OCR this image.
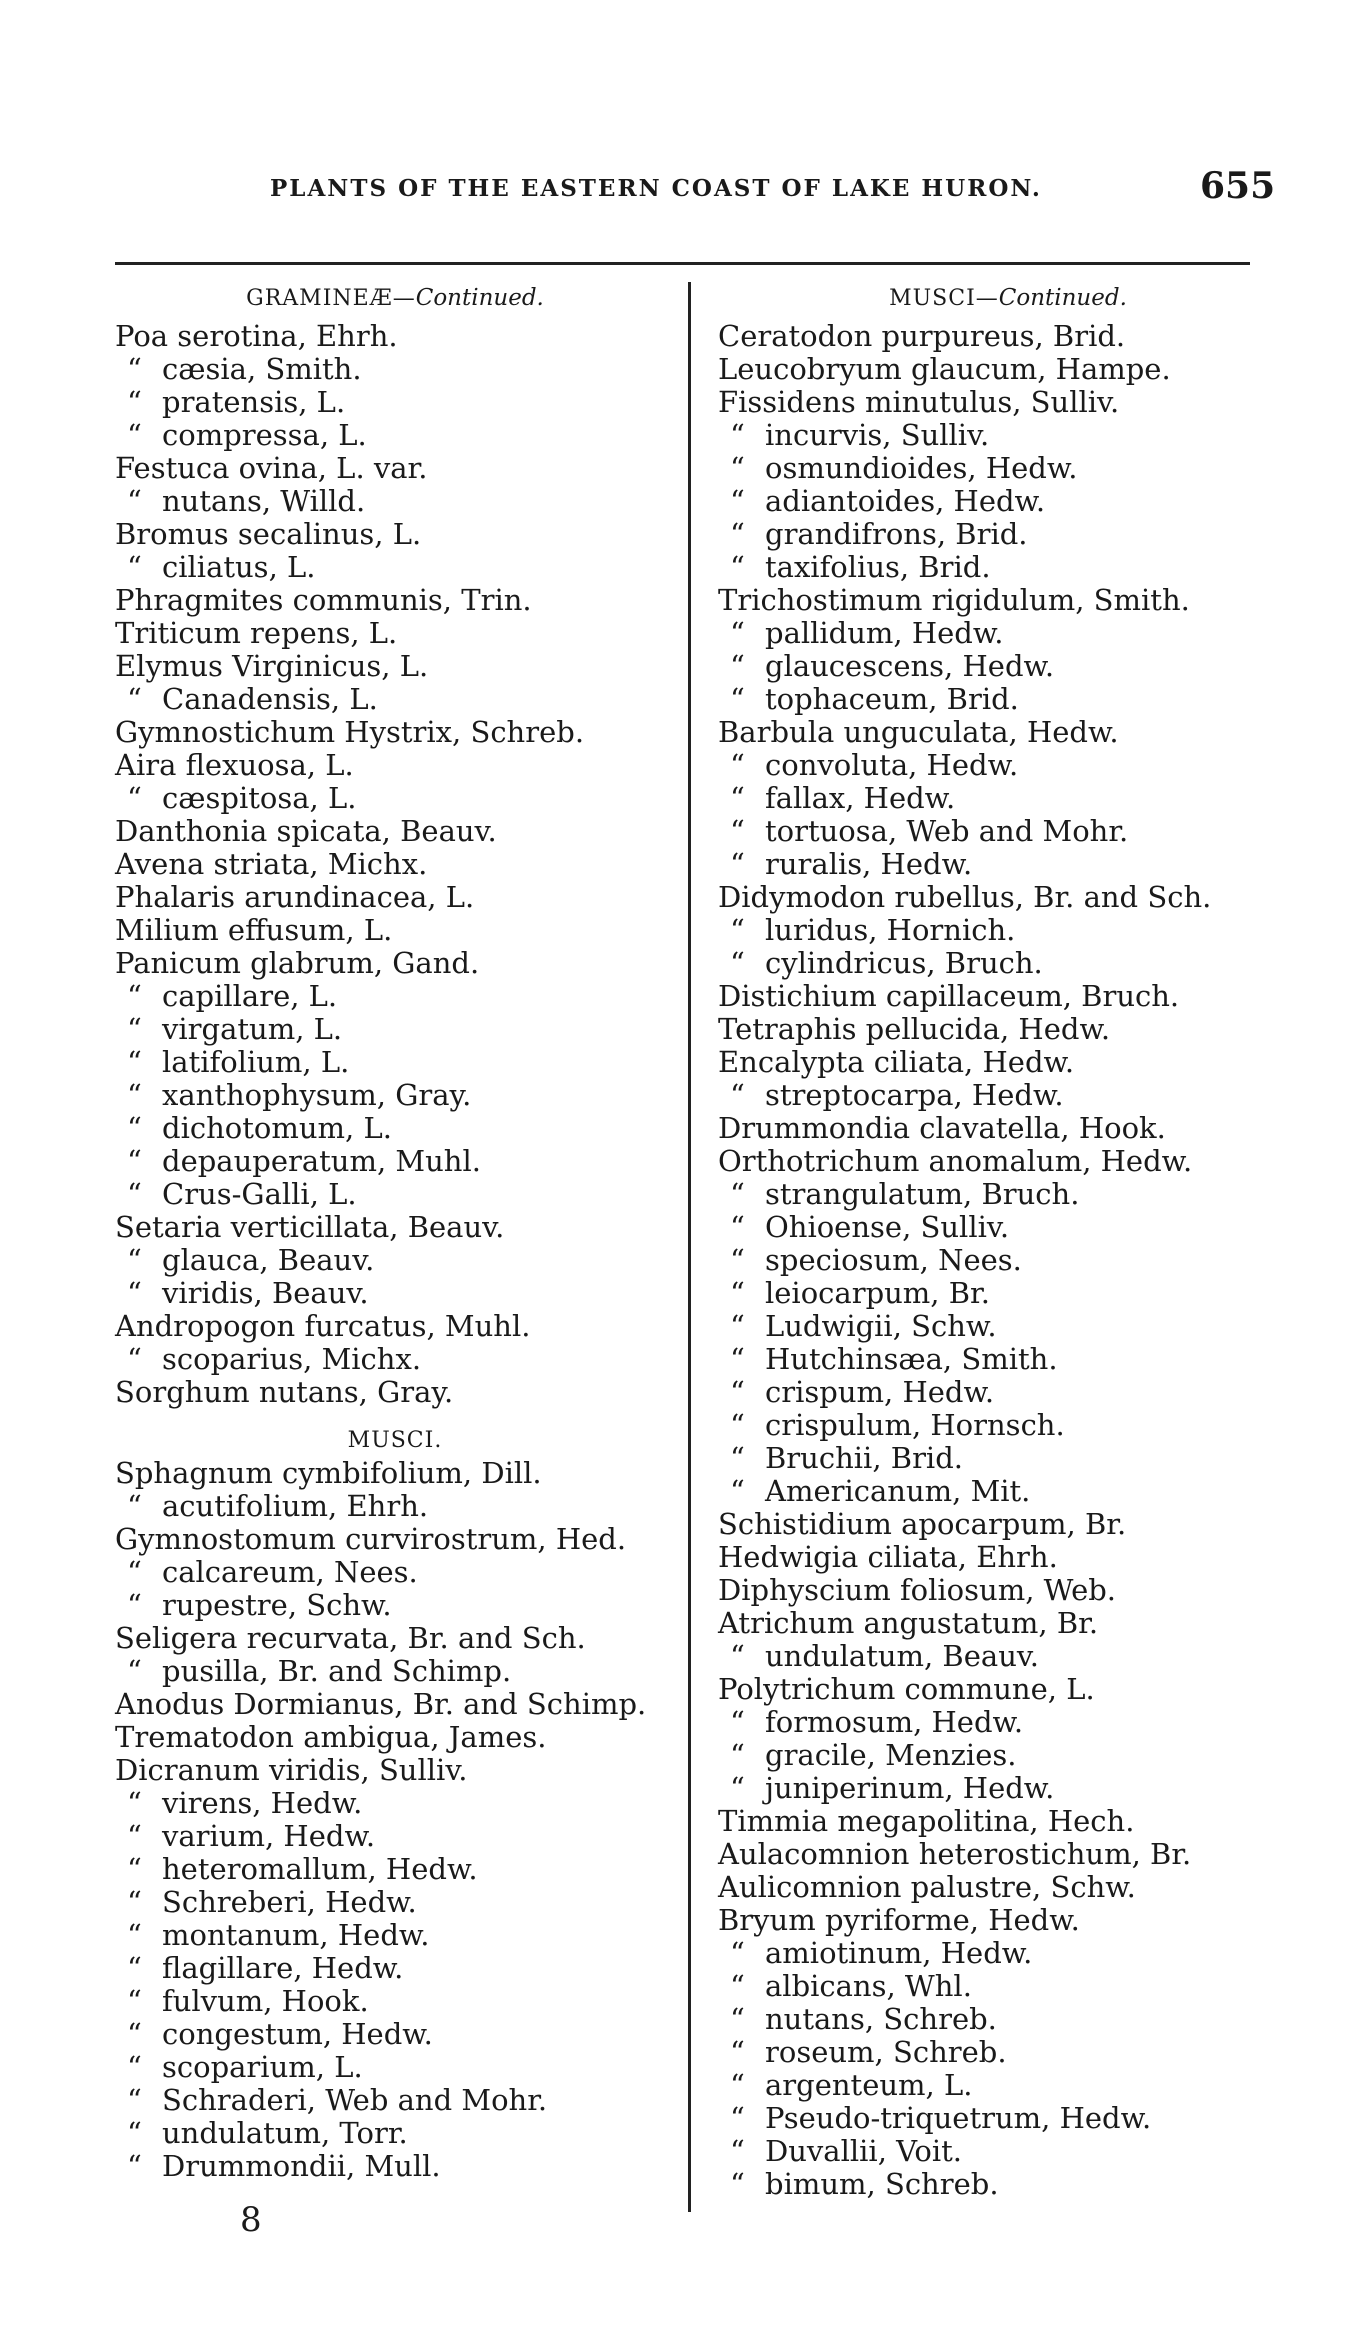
PLANTS OF THE EASTERN COAST OF LAKE HURON.	655
GRAMINEÆ—Continued.
Poa serotina, Ehrh.
“ cæsia, Smith.
“ pratensis, L.
“ compressa, L.
Festuca ovina, L. var.
“ nutans, Willd.
Bromus secalinus, L.
“ ciliatus, L.
Phragmites communis, Trin.
Triticum repens, L.
Elymus Virginicus, L.
“ Canadensis, L.
Gymnostichum Hystrix, Schreb.
Aira flexuosa, L.
“ cæspitosa, L.
Danthonia spicata, Beauv.
Avena striata, Michx.
Phalaris arundinacea, L.
Milium effusum, L.
Panicum glabrum, Gand.
“ capillare, L.
“ virgatum, L.
“ latifolium, L.
“ xanthophysum, Gray.
“ dichotomum, L.
“ depauperatum, Muhl.
“ Crus-Galli, L.
Setaria verticillata, Beauv.
“ glauca, Beauv.
“ viridis, Beauv.
Andropogon furcatus, Muhl.
“ scoparius, Michx.
Sorghum nutans, Gray.
MUSCI.
Sphagnum cymbifolium, Dill.
“ acutifolium, Ehrh.
Gymnostomum curvirostrum, Hed.
“ calcareum, Nees.
“ rupestre, Schw.
Seligera recurvata, Br. and Sch.
“ pusilla, Br. and Schimp.
Anodus Dormianus, Br. and Schimp.
Trematodon ambigua, James.
Dicranum viridis, Sulliv.
“ virens, Hedw.
“ varium, Hedw.
“ heteromallum, Hedw.
“ Schreberi, Hedw.
“ montanum, Hedw.
“ flagillare, Hedw.
“ fulvum, Hook.
“ congestum, Hedw.
“ scoparium, L.
“ Schraderi, Web and Mohr.
“ undulatum, Torr.
“ Drummondii, Mull.
MUSCI—Continued.
Ceratodon purpureus, Brid.
Leucobryum glaucum, Hampe.
Fissidens minutulus, Sulliv.
“ incurvis, Sulliv.
“ osmundioides, Hedw.
“ adiantoides, Hedw.
“ grandifrons, Brid.
“ taxifolius, Brid.
Trichostimum rigidulum, Smith.
“ pallidum, Hedw.
“ glaucescens, Hedw.
“ tophaceum, Brid.
Barbula unguculata, Hedw.
“ convoluta, Hedw.
“ fallax, Hedw.
“ tortuosa, Web and Mohr.
“ ruralis, Hedw.
Didymodon rubellus, Br. and Sch.
“ luridus, Hornich.
“ cylindricus, Bruch.
Distichium capillaceum, Bruch.
Tetraphis pellucida, Hedw.
Encalypta ciliata, Hedw.
“ streptocarpa, Hedw.
Drummondia clavatella, Hook.
Orthotrichum anomalum, Hedw.
“ strangulatum, Bruch.
“ Ohioense, Sulliv.
“ speciosum, Nees.
“ leiocarpum, Br.
“ Ludwigii, Schw.
“ Hutchinsæa, Smith.
“ crispum, Hedw.
“ crispulum, Hornsch.
“ Bruchii, Brid.
“ Americanum, Mit.
Schistidium apocarpum, Br.
Hedwigia ciliata, Ehrh.
Diphyscium foliosum, Web.
Atrichum angustatum, Br.
“ undulatum, Beauv.
Polytrichum commune, L.
“ formosum, Hedw.
“ gracile, Menzies.
“ juniperinum, Hedw.
Timmia megapolitina, Hech.
Aulacomnion heterostichum, Br.
Aulicomnion palustre, Schw.
Bryum pyriforme, Hedw.
“ amiotinum, Hedw.
“ albicans, Whl.
“ nutans, Schreb.
“ roseum, Schreb.
“ argenteum, L.
“ Pseudo-triquetrum, Hedw.
“ Duvallii, Voit.
“ bimum, Schreb.
8
